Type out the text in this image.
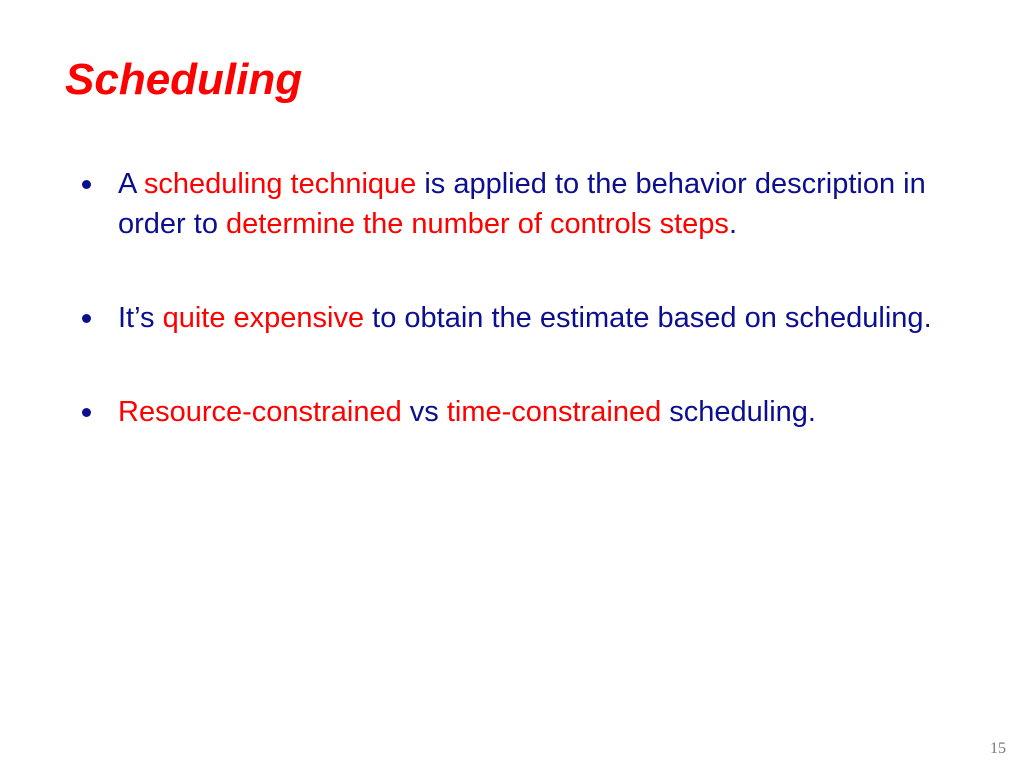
Scheduling
A scheduling technique is applied to the behavior description in order to determine the number of controls steps.
It’s quite expensive to obtain the estimate based on scheduling.
Resource-constrained vs time-constrained scheduling.
15
